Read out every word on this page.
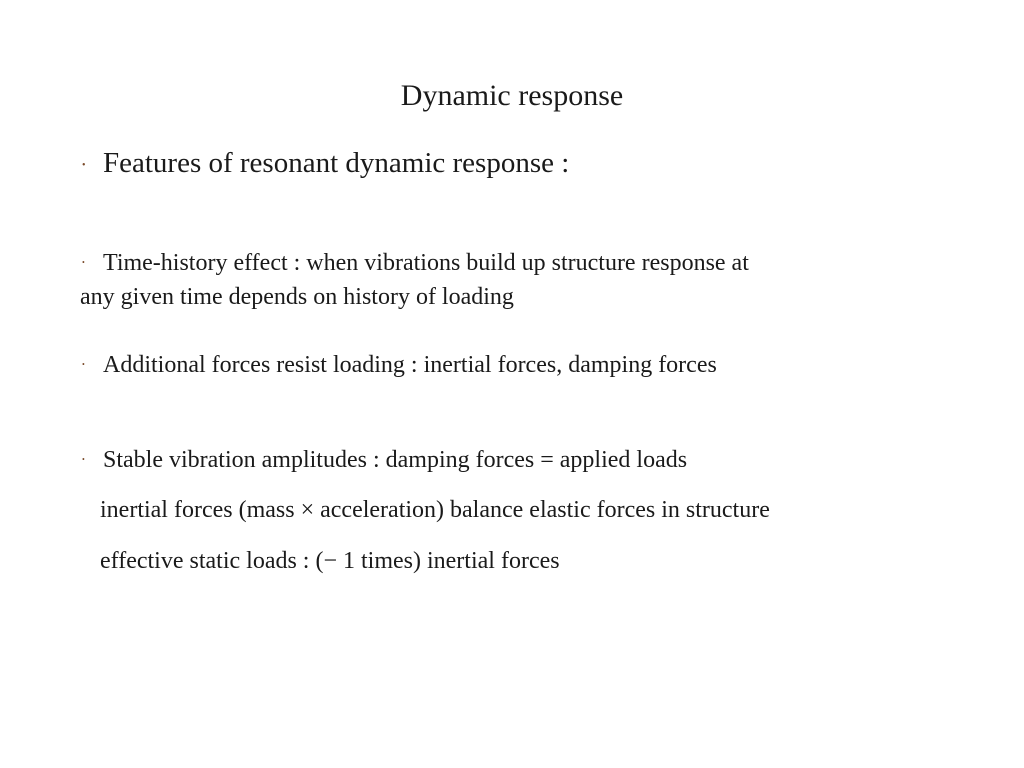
Dynamic response
• Features of resonant dynamic response :
• Time-history effect : when vibrations build up structure response at
any given time depends on history of loading
• Additional forces resist loading : inertial forces, damping forces
• Stable vibration amplitudes : damping forces = applied loads
inertial forces (mass × acceleration) balance elastic forces in structure
effective static loads : (− 1 times) inertial forces
